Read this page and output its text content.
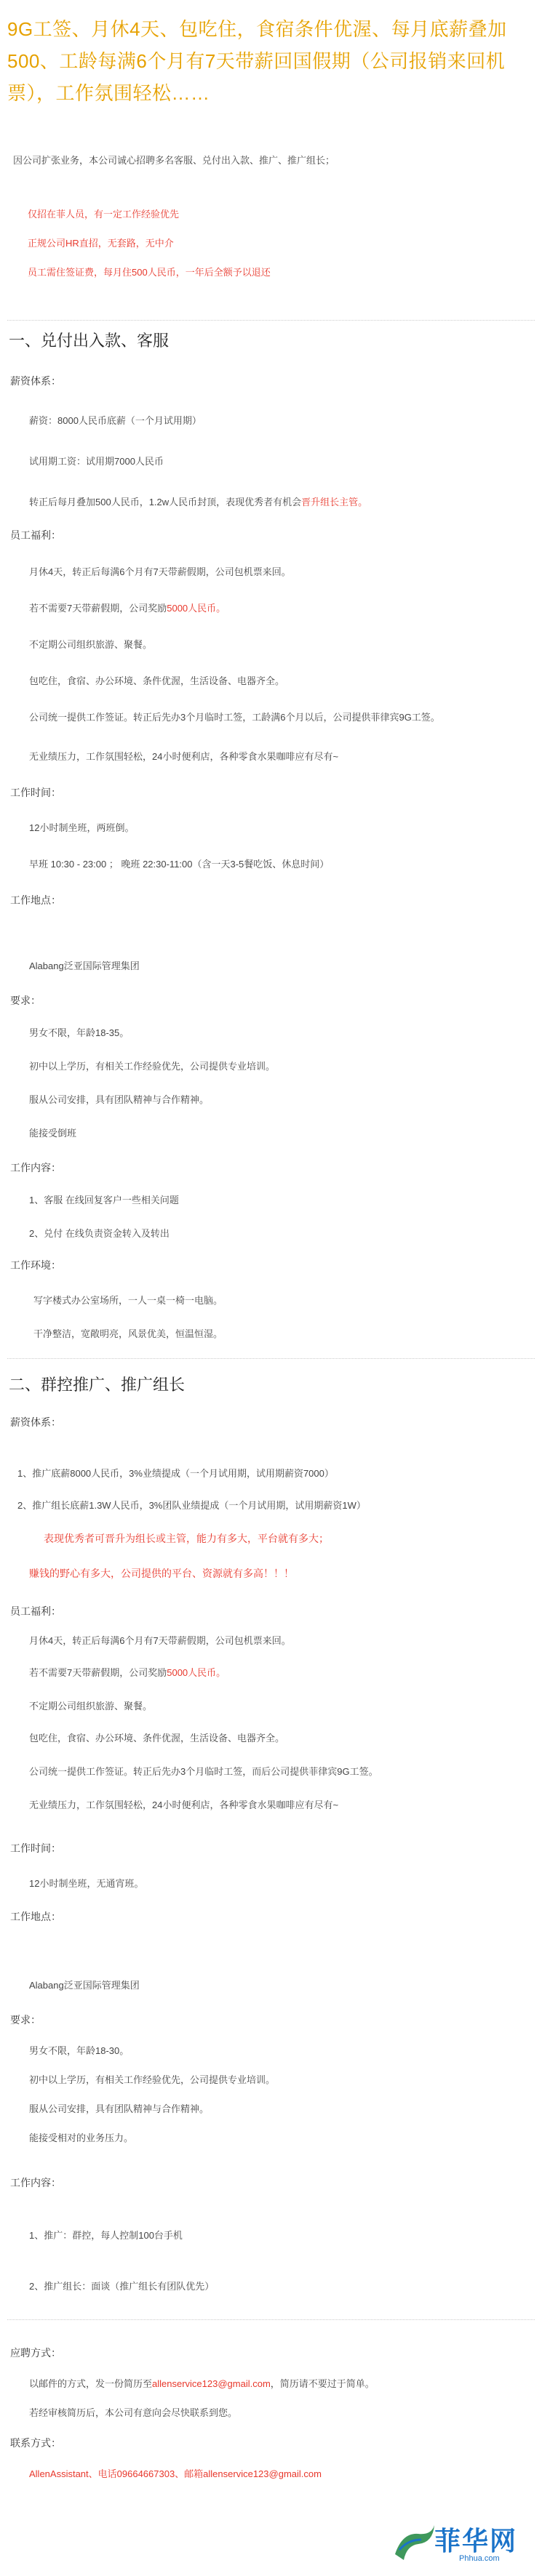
9G工签、月休4天、包吃住，食宿条件优渥、每月底薪叠加500、工龄每满6个月有7天带薪回国假期（公司报销来回机票），工作氛围轻松……
因公司扩张业务，本公司诚心招聘多名客服、兑付出入款、推广、推广组长；
仅招在菲人员，有一定工作经验优先
正规公司HR直招，无套路，无中介
员工需住签证费，每月住500人民币，一年后全额予以退还
一、兑付出入款、客服
薪资体系：
薪资：8000人民币底薪（一个月试用期）
试用期工资：试用期7000人民币
转正后每月叠加500人民币，1.2w人民币封顶，表现优秀者有机会晋升组长主管。
员工福利：
月休4天，转正后每满6个月有7天带薪假期，公司包机票来回。
若不需要7天带薪假期，公司奖励5000人民币。
不定期公司组织旅游、聚餐。
包吃住，食宿、办公环境、条件优渥，生活设备、电器齐全。
公司统一提供工作签证。转正后先办3个月临时工签，工龄满6个月以后，公司提供菲律宾9G工签。
无业绩压力，工作氛围轻松，24小时便利店，各种零食水果咖啡应有尽有~
工作时间：
12小时制坐班，两班倒。
早班 10:30 - 23:00 ； 晚班 22:30-11:00（含一天3-5餐吃饭、休息时间）
工作地点：
Alabang泛亚国际管理集团
要求：
男女不限，年龄18-35。
初中以上学历，有相关工作经验优先，公司提供专业培训。
服从公司安排，具有团队精神与合作精神。
能接受倒班
工作内容：
1、客服 在线回复客户一些相关问题
2、兑付 在线负责资金转入及转出
工作环境：
写字楼式办公室场所，一人一桌一椅一电脑。
干净整洁，宽敞明亮，风景优美，恒温恒湿。
二、群控推广、推广组长
薪资体系：
1、推广底薪8000人民币，3%业绩提成（一个月试用期，试用期薪资7000）
2、推广组长底薪1.3W人民币，3%团队业绩提成（一个月试用期，试用期薪资1W）
表现优秀者可晋升为组长或主管，能力有多大，平台就有多大；
赚钱的野心有多大，公司提供的平台、资源就有多高！！！
员工福利：
月休4天，转正后每满6个月有7天带薪假期，公司包机票来回。
若不需要7天带薪假期，公司奖励5000人民币。
不定期公司组织旅游、聚餐。
包吃住，食宿、办公环境、条件优渥，生活设备、电器齐全。
公司统一提供工作签证。转正后先办3个月临时工签，而后公司提供菲律宾9G工签。
无业绩压力，工作氛围轻松，24小时便利店，各种零食水果咖啡应有尽有~
工作时间：
12小时制坐班，无通宵班。
工作地点：
Alabang泛亚国际管理集团
要求：
男女不限，年龄18-30。
初中以上学历，有相关工作经验优先，公司提供专业培训。
服从公司安排，具有团队精神与合作精神。
能接受相对的业务压力。
工作内容：
1、推广：群控，每人控制100台手机
2、推广组长：面谈（推广组长有团队优先）
应聘方式：
以邮件的方式，发一份简历至allenservice123@gmail.com，简历请不要过于简单。
若经审核简历后，本公司有意向会尽快联系到您。
联系方式：
AllenAssistant、电话09664667303、邮箱allenservice123@gmail.com
菲华网
Phhua.com
